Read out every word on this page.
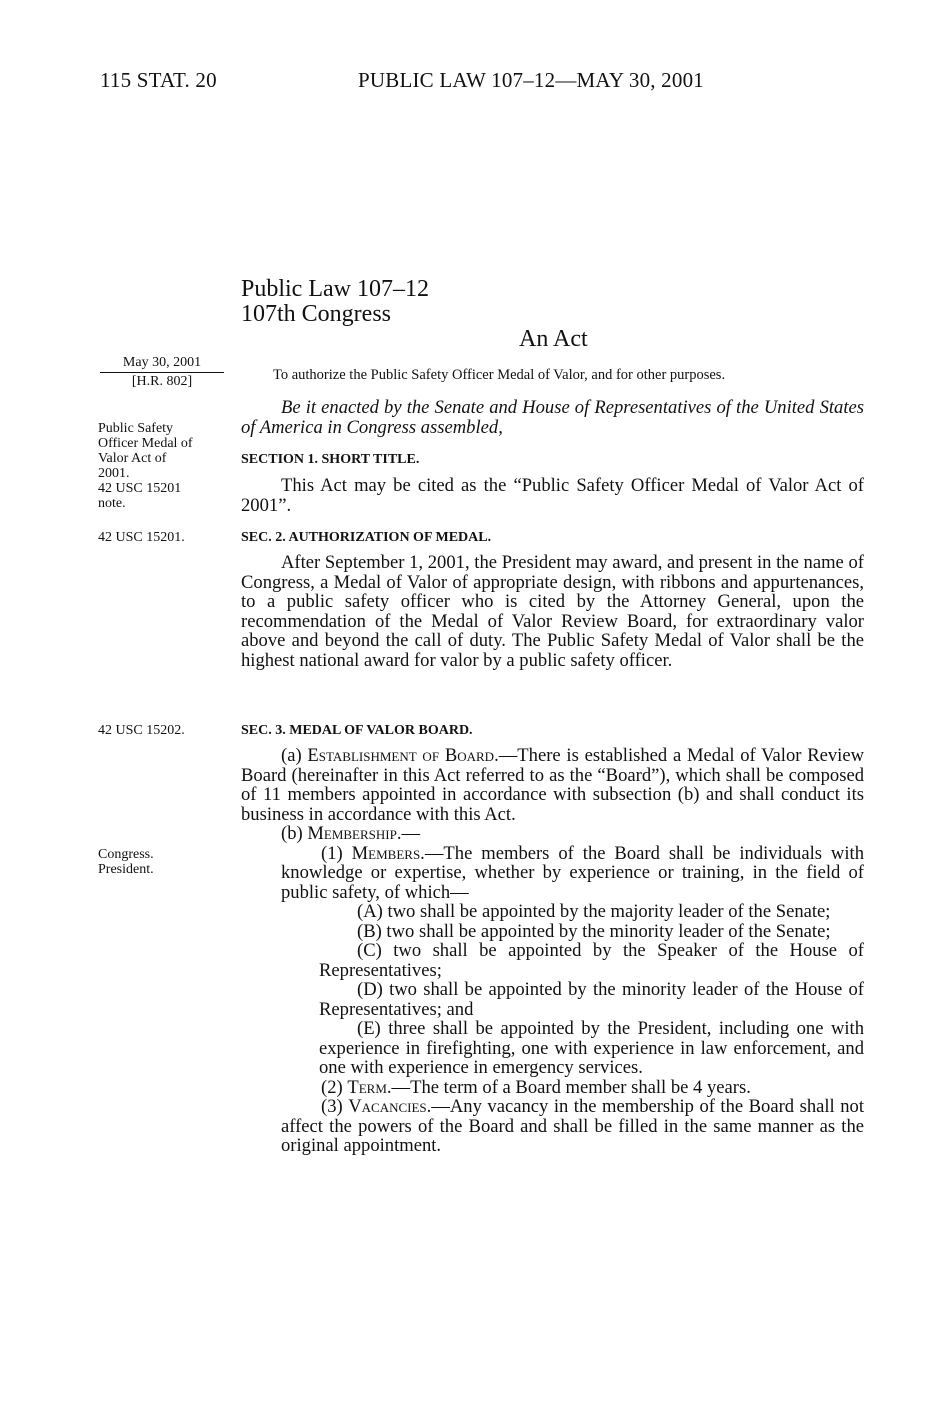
115 STAT. 20	PUBLIC LAW 107–12—MAY 30, 2001
Public Law 107–12
107th Congress
An Act
To authorize the Public Safety Officer Medal of Valor, and for other purposes.
May 30, 2001
[H.R. 802]
Public Safety
Officer Medal of
Valor Act of
2001.
42 USC 15201
note.
42 USC 15201.
42 USC 15202.
Congress.
President.

Be it enacted by the Senate and House of Representatives of the United States of America in Congress assembled,

SECTION 1. SHORT TITLE.

This Act may be cited as the “Public Safety Officer Medal of Valor Act of 2001”.

SEC. 2. AUTHORIZATION OF MEDAL.

After September 1, 2001, the President may award, and present in the name of Congress, a Medal of Valor of appropriate design, with ribbons and appurtenances, to a public safety officer who is cited by the Attorney General, upon the recommendation of the Medal of Valor Review Board, for extraordinary valor above and beyond the call of duty. The Public Safety Medal of Valor shall be the highest national award for valor by a public safety officer.

SEC. 3. MEDAL OF VALOR BOARD.

(a) Establishment of Board.—There is established a Medal of Valor Review Board (hereinafter in this Act referred to as the “Board”), which shall be composed of 11 members appointed in accordance with subsection (b) and shall conduct its business in accordance with this Act.

(b) Membership.—

(1) Members.—The members of the Board shall be individuals with knowledge or expertise, whether by experience or training, in the field of public safety, of which—

(A) two shall be appointed by the majority leader of the Senate;

(B) two shall be appointed by the minority leader of the Senate;

(C) two shall be appointed by the Speaker of the House of Representatives;

(D) two shall be appointed by the minority leader of the House of Representatives; and

(E) three shall be appointed by the President, including one with experience in firefighting, one with experience in law enforcement, and one with experience in emergency services.

(2) Term.—The term of a Board member shall be 4 years.

(3) Vacancies.—Any vacancy in the membership of the Board shall not affect the powers of the Board and shall be filled in the same manner as the original appointment.
